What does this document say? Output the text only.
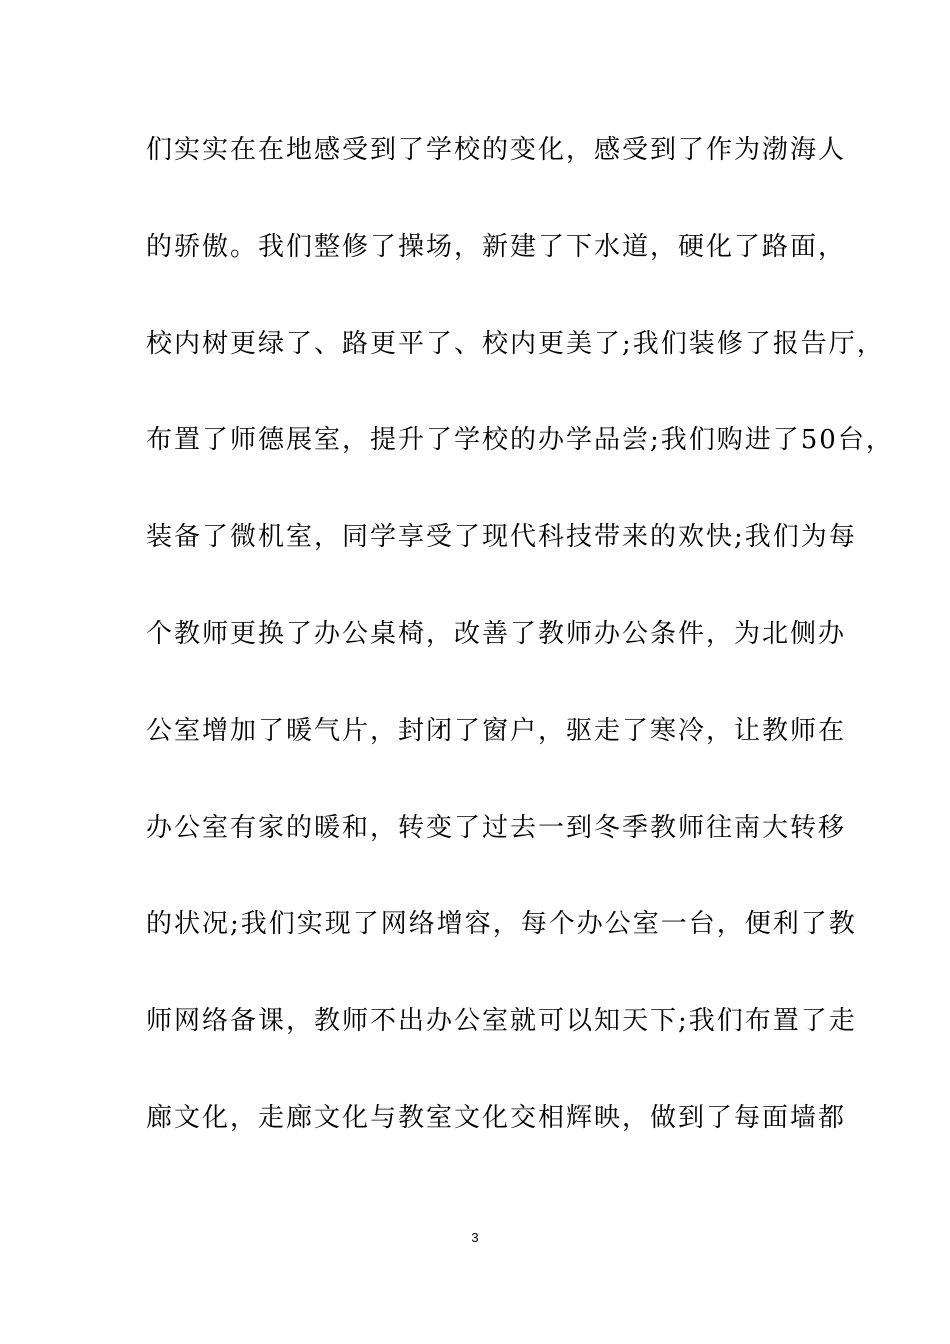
们实实在在地感受到了学校的变化，感受到了作为渤海人
的骄傲。我们整修了操场，新建了下水道，硬化了路面，
校内树更绿了、路更平了、校内更美了;我们装修了报告厅，
布置了师德展室，提升了学校的办学品尝;我们购进了50台，
装备了微机室，同学享受了现代科技带来的欢快;我们为每
个教师更换了办公桌椅，改善了教师办公条件，为北侧办
公室增加了暖气片，封闭了窗户，驱走了寒冷，让教师在
办公室有家的暖和，转变了过去一到冬季教师往南大转移
的状况;我们实现了网络增容，每个办公室一台，便利了教
师网络备课，教师不出办公室就可以知天下;我们布置了走
廊文化，走廊文化与教室文化交相辉映，做到了每面墙都
3
